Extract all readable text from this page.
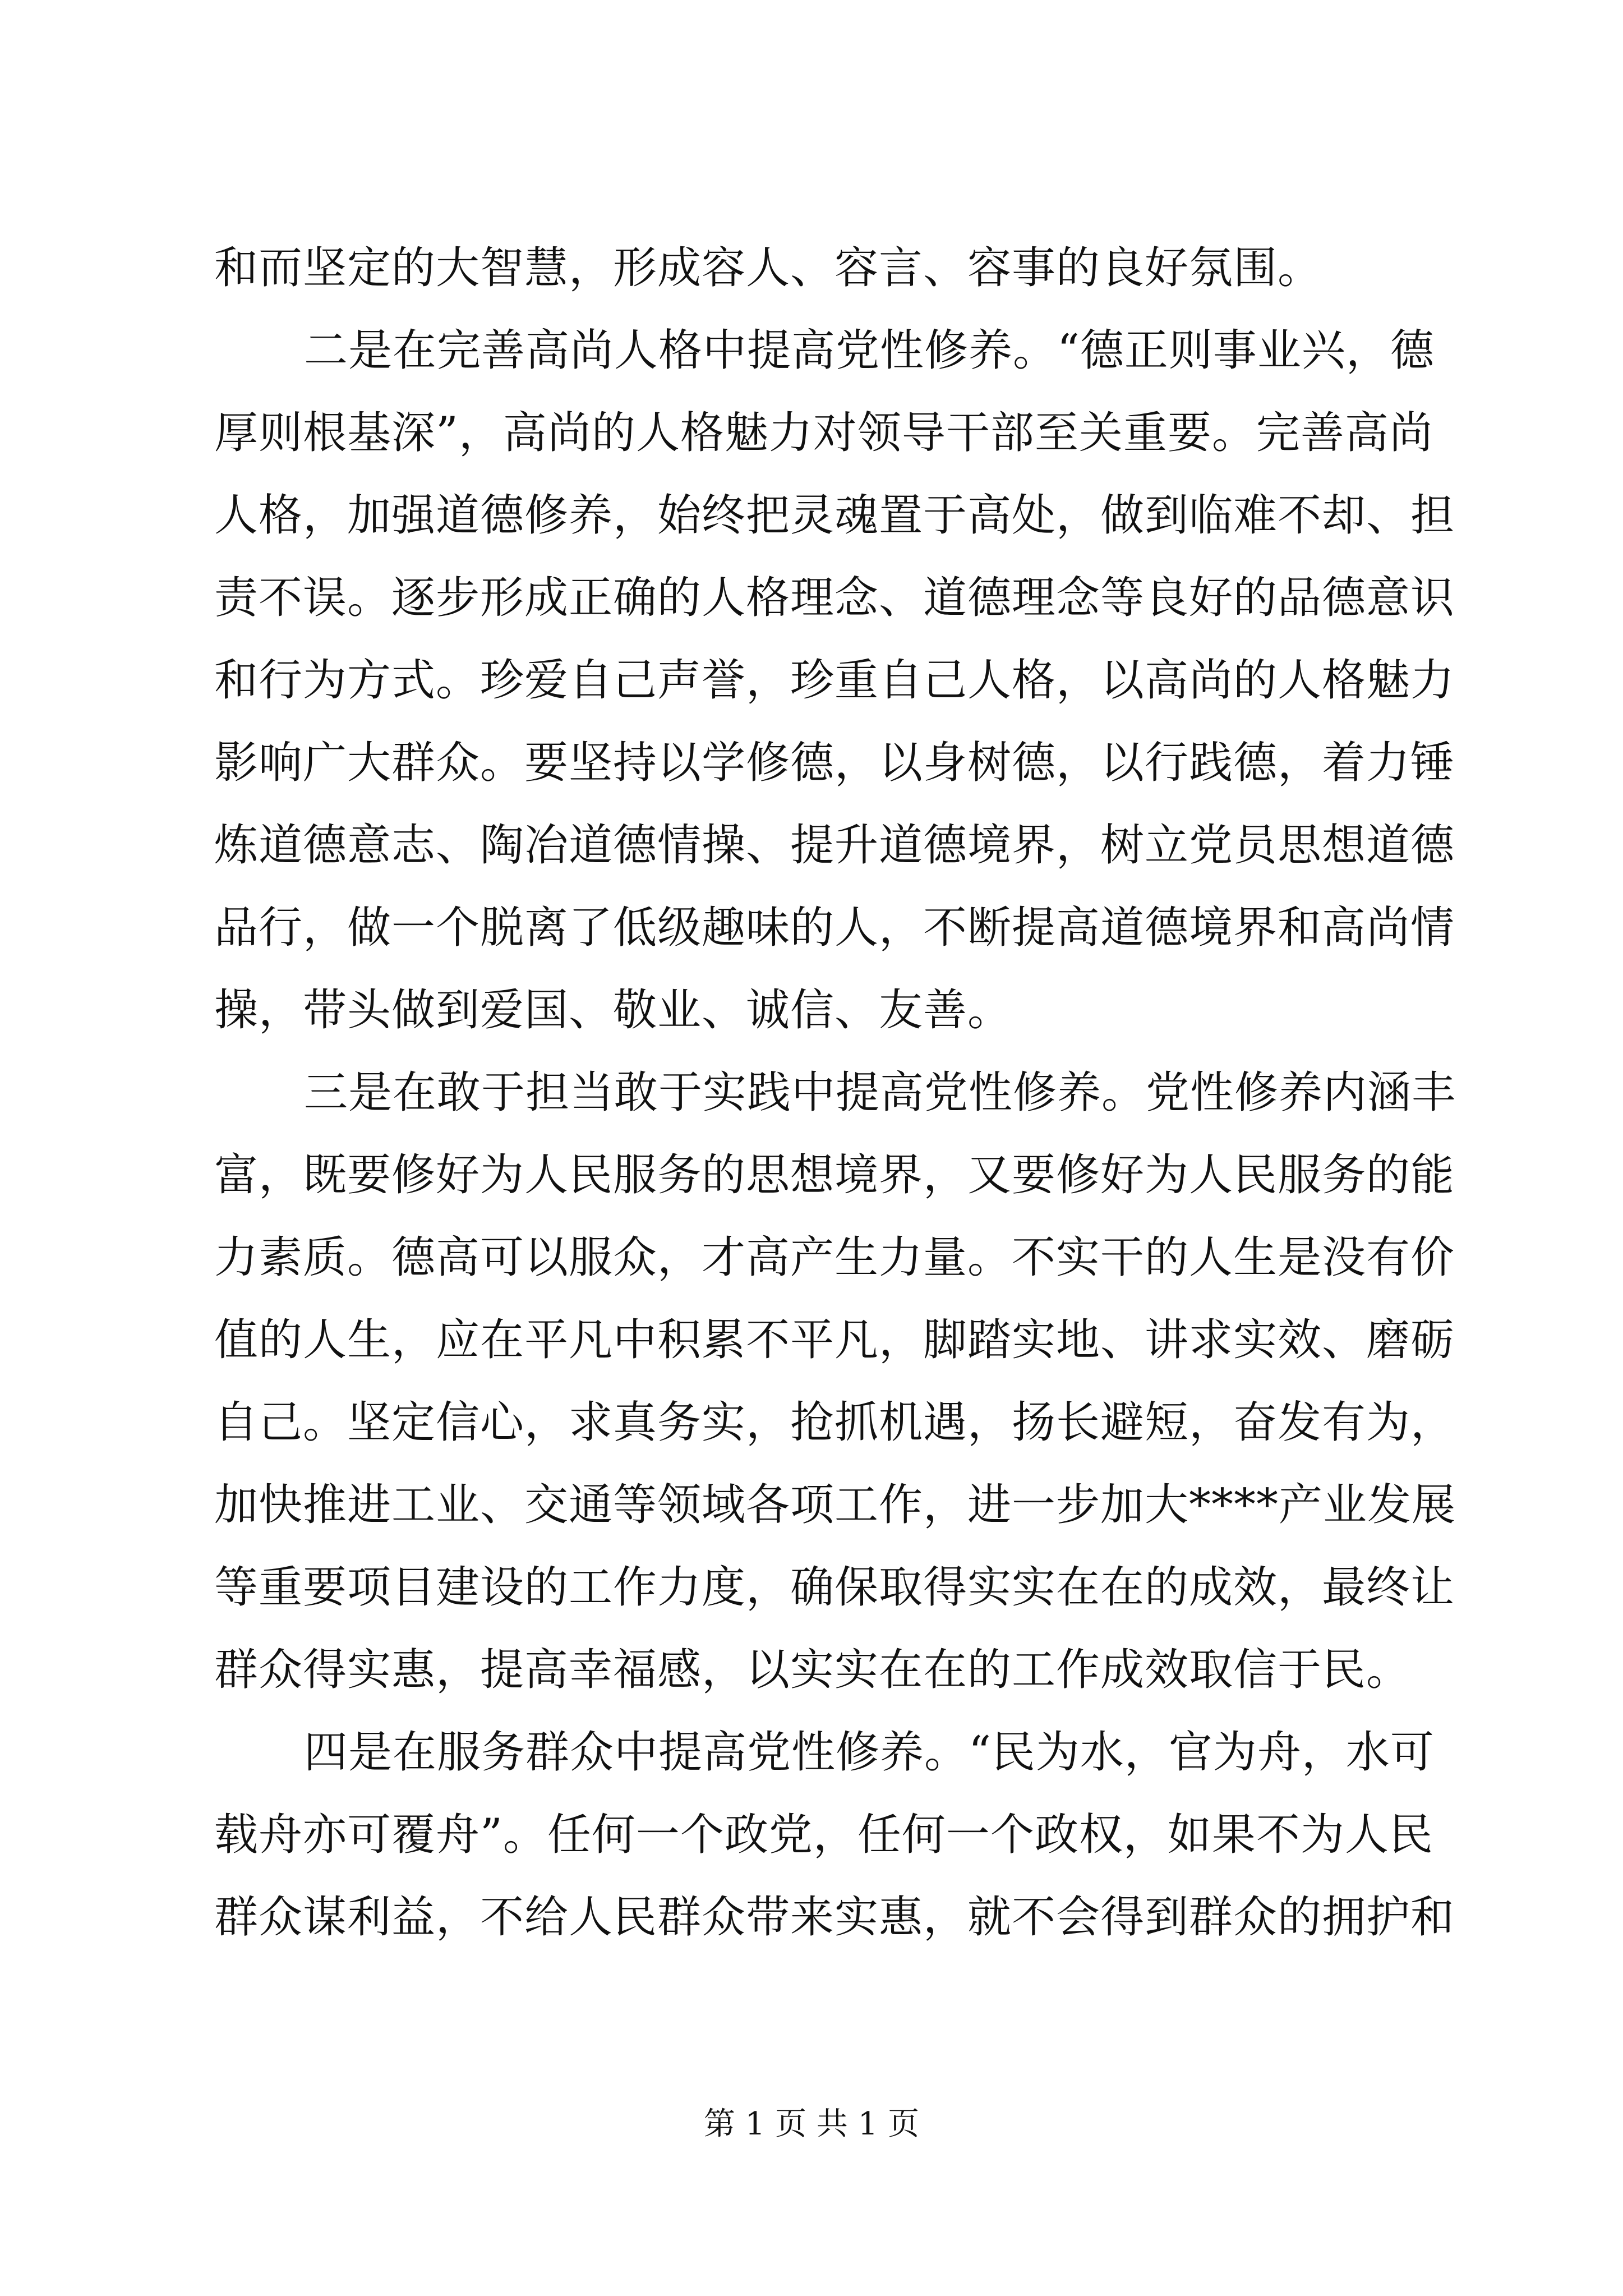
和而坚定的大智慧，形成容人、容言、容事的良好氛围。
二是在完善高尚人格中提高党性修养。“德正则事业兴，德
厚则根基深”，高尚的人格魅力对领导干部至关重要。完善高尚
人格，加强道德修养，始终把灵魂置于高处，做到临难不却、担
责不误。逐步形成正确的人格理念、道德理念等良好的品德意识
和行为方式。珍爱自己声誉，珍重自己人格，以高尚的人格魅力
影响广大群众。要坚持以学修德，以身树德，以行践德，着力锤
炼道德意志、陶冶道德情操、提升道德境界，树立党员思想道德
品行，做一个脱离了低级趣味的人，不断提高道德境界和高尚情
操，带头做到爱国、敬业、诚信、友善。
三是在敢于担当敢于实践中提高党性修养。党性修养内涵丰
富，既要修好为人民服务的思想境界，又要修好为人民服务的能
力素质。德高可以服众，才高产生力量。不实干的人生是没有价
值的人生，应在平凡中积累不平凡，脚踏实地、讲求实效、磨砺
自己。坚定信心，求真务实，抢抓机遇，扬长避短，奋发有为，
加快推进工业、交通等领域各项工作，进一步加大****产业发展
等重要项目建设的工作力度，确保取得实实在在的成效，最终让
群众得实惠，提高幸福感，以实实在在的工作成效取信于民。
四是在服务群众中提高党性修养。“民为水，官为舟，水可
载舟亦可覆舟”。任何一个政党，任何一个政权，如果不为人民
群众谋利益，不给人民群众带来实惠，就不会得到群众的拥护和
第 1 页 共 1 页
